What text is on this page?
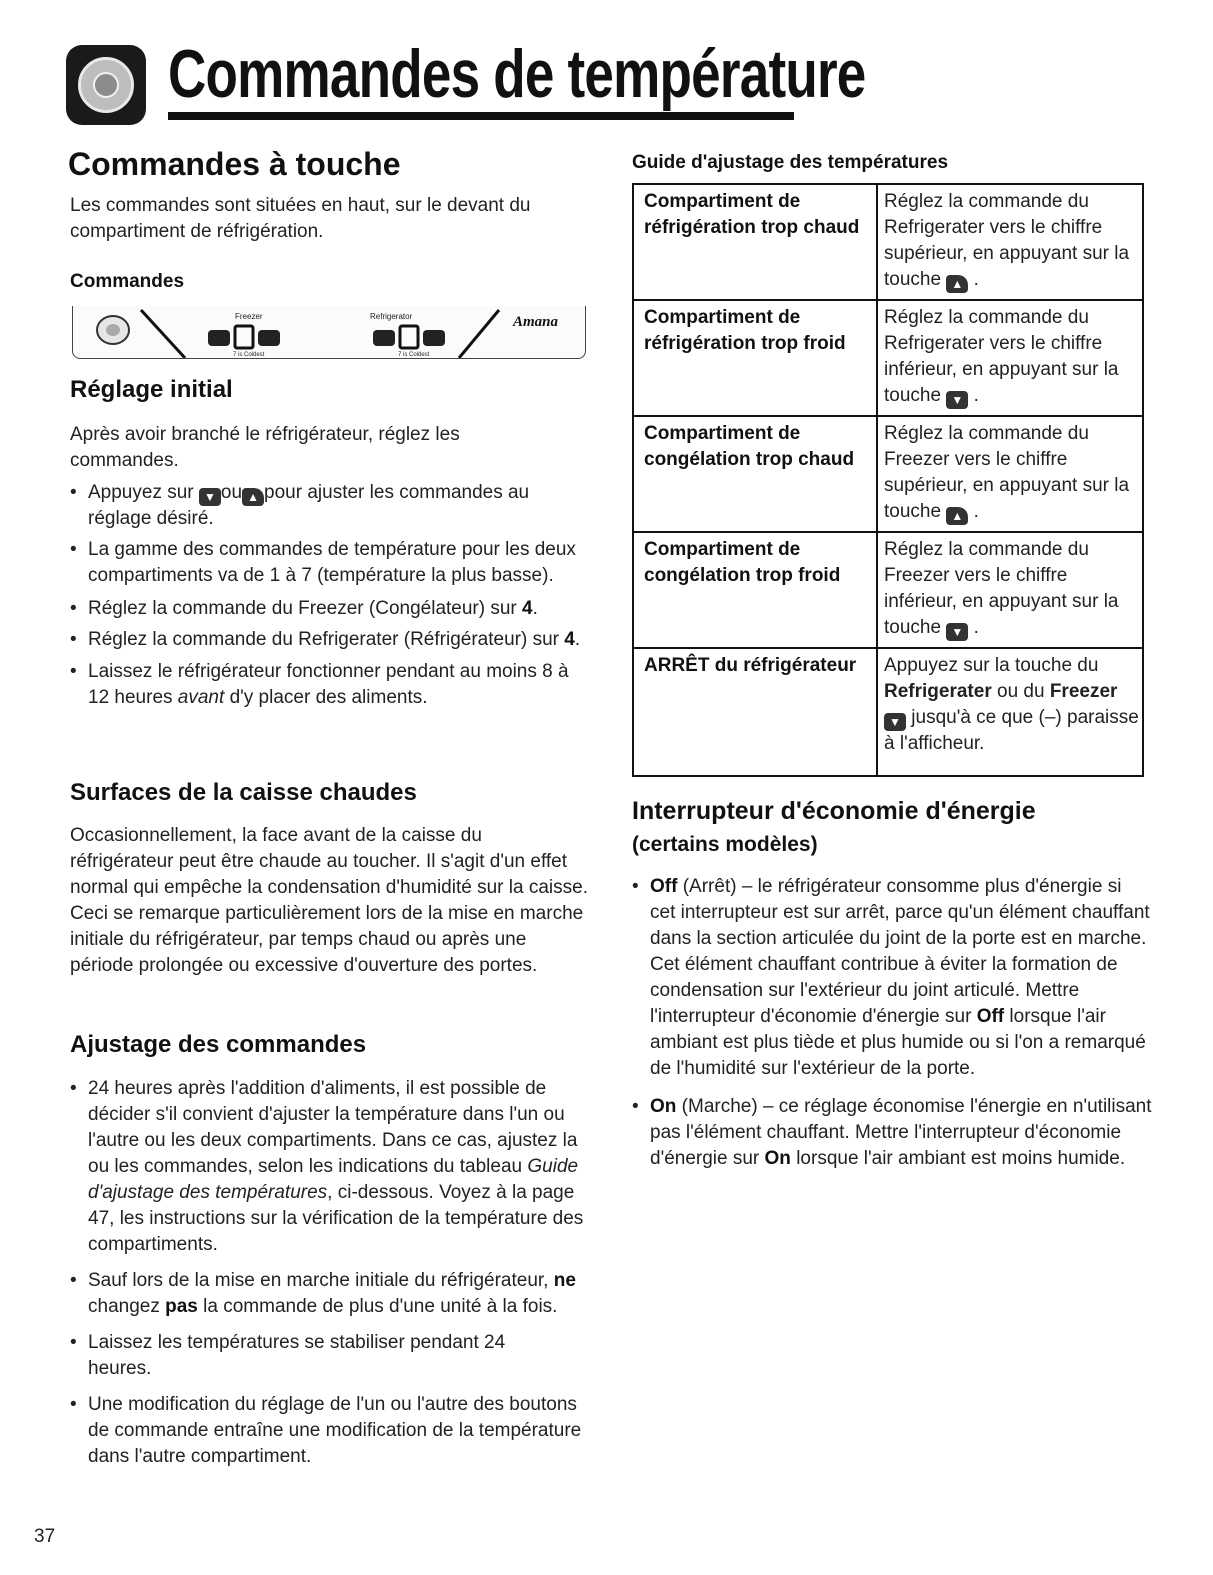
Commandes de température
Commandes à touche
Les commandes sont situées en haut, sur le devant du compartiment de réfrigération.
Commandes
Freezer	Refrigerator	Amana
7 is Coldest	7 is Coldest
Réglage initial
Après avoir branché le réfrigérateur, réglez les commandes.
• Appuyez sur ▼ ou ▲ pour ajuster les commandes au réglage désiré.
• La gamme des commandes de température pour les deux compartiments va de 1 à 7 (température la plus basse).
• Réglez la commande du Freezer (Congélateur) sur 4.
• Réglez la commande du Refrigerater (Réfrigérateur) sur 4.
• Laissez le réfrigérateur fonctionner pendant au moins 8 à 12 heures avant d'y placer des aliments.
Surfaces de la caisse chaudes
Occasionnellement, la face avant de la caisse du réfrigérateur peut être chaude au toucher. Il s'agit d'un effet normal qui empêche la condensation d'humidité sur la caisse. Ceci se remarque particulièrement lors de la mise en marche initiale du réfrigérateur, par temps chaud ou après une période prolongée ou excessive d'ouverture des portes.
Ajustage des commandes
• 24 heures après l'addition d'aliments, il est possible de décider s'il convient d'ajuster la température dans l'un ou l'autre ou les deux compartiments. Dans ce cas, ajustez la ou les commandes, selon les indications du tableau Guide d'ajustage des températures, ci-dessous. Voyez à la page 47, les instructions sur la vérification de la température des compartiments.
• Sauf lors de la mise en marche initiale du réfrigérateur, ne changez pas la commande de plus d'une unité à la fois.
• Laissez les températures se stabiliser pendant 24 heures.
• Une modification du réglage de l'un ou l'autre des boutons de commande entraîne une modification de la température dans l'autre compartiment.
37
Guide d'ajustage des températures
Compartiment de réfrigération trop chaud	Réglez la commande du Refrigerater vers le chiffre supérieur, en appuyant sur la touche ▲ .
Compartiment de réfrigération trop froid	Réglez la commande du Refrigerater vers le chiffre inférieur, en appuyant sur la touche ▼ .
Compartiment de congélation trop chaud	Réglez la commande du Freezer vers le chiffre supérieur, en appuyant sur la touche ▲ .
Compartiment de congélation trop froid	Réglez la commande du Freezer vers le chiffre inférieur, en appuyant sur la touche ▼ .
ARRÊT du réfrigérateur	Appuyez sur la touche du Refrigerater ou du Freezer ▼ jusqu'à ce que (–) paraisse à l'afficheur.
Interrupteur d'économie d'énergie
(certains modèles)
• Off (Arrêt) – le réfrigérateur consomme plus d'énergie si cet interrupteur est sur arrêt, parce qu'un élément chauffant dans la section articulée du joint de la porte est en marche. Cet élément chauffant contribue à éviter la formation de condensation sur l'extérieur du joint articulé. Mettre l'interrupteur d'économie d'énergie sur Off lorsque l'air ambiant est plus tiède et plus humide ou si l'on a remarqué de l'humidité sur l'extérieur de la porte.
• On (Marche) – ce réglage économise l'énergie en n'utilisant pas l'élément chauffant. Mettre l'interrupteur d'économie d'énergie sur On lorsque l'air ambiant est moins humide.
